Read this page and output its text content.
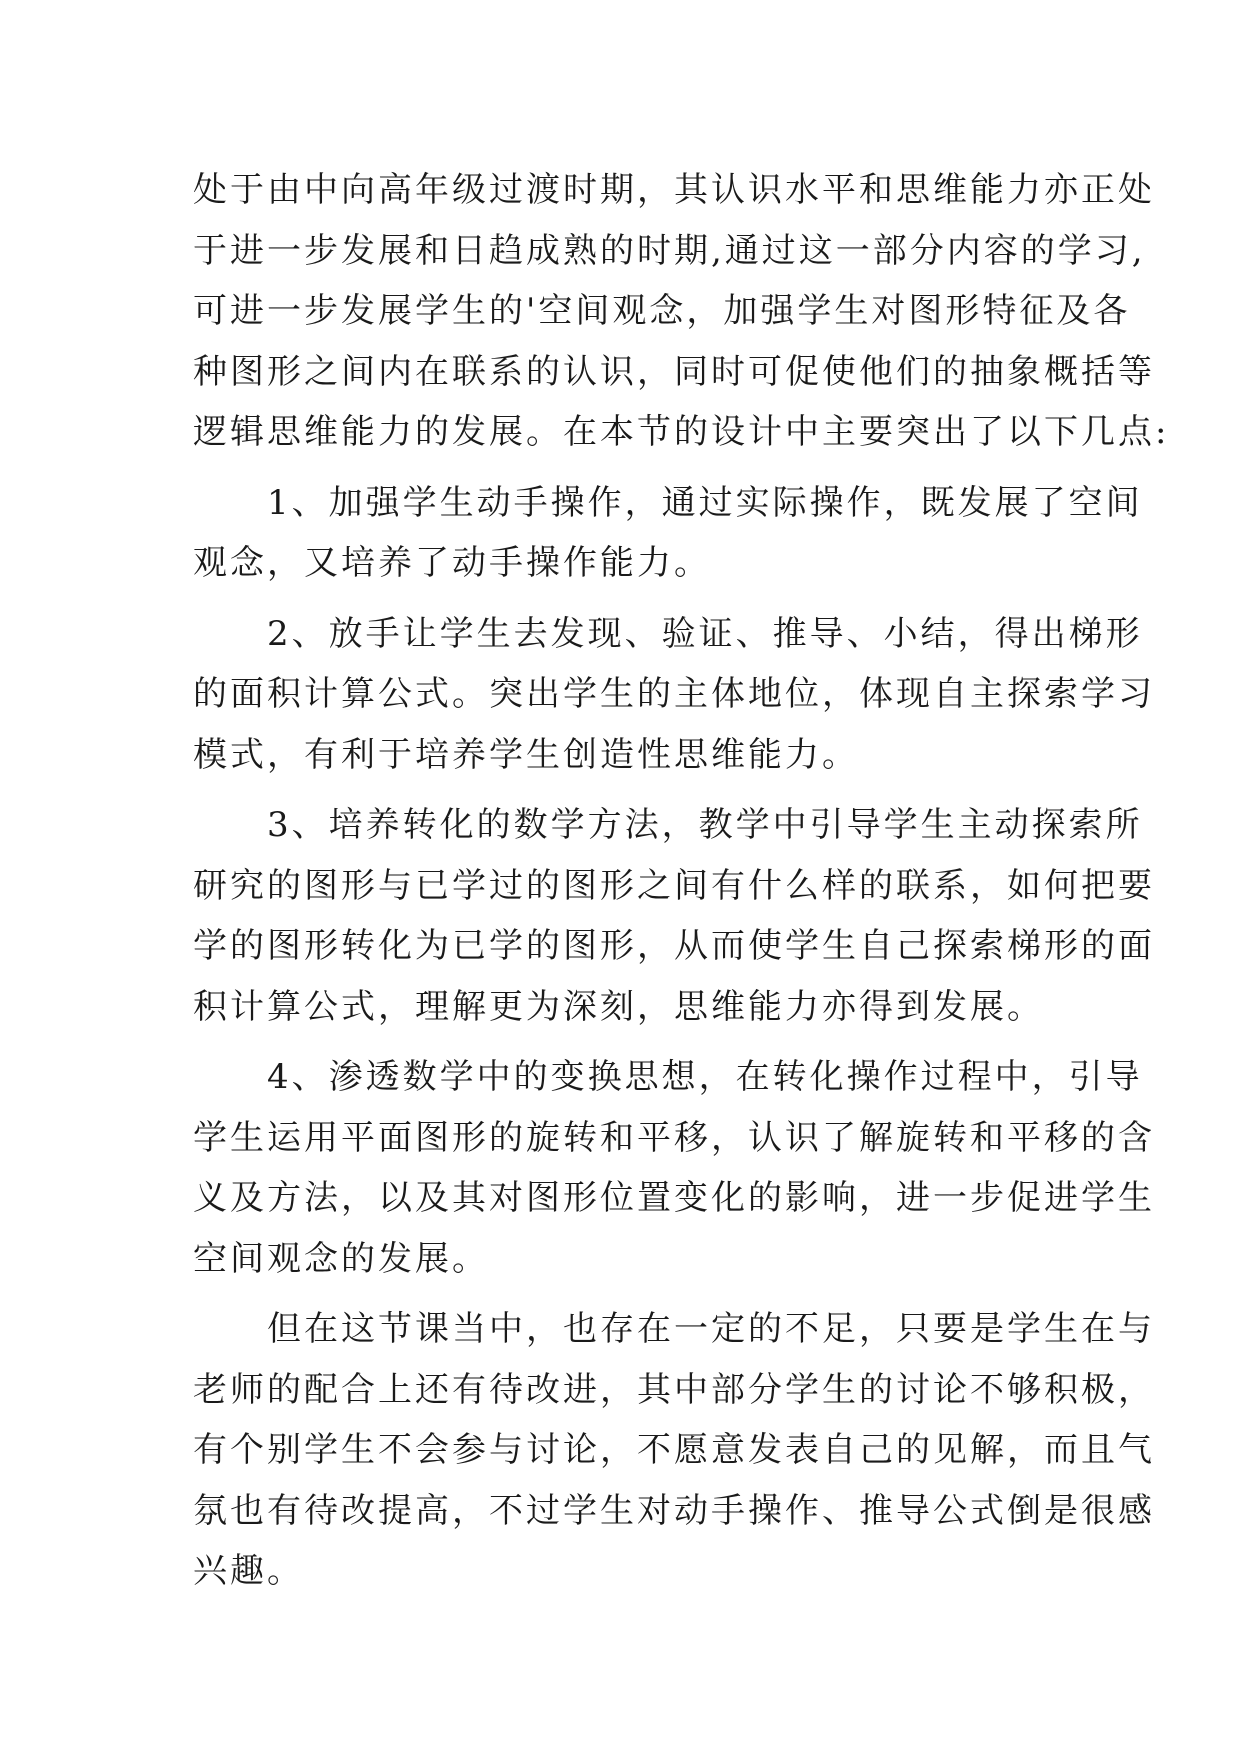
处于由中向高年级过渡时期，其认识水平和思维能力亦正处
于进一步发展和日趋成熟的时期,通过这一部分内容的学习,
可进一步发展学生的'空间观念，加强学生对图形特征及各
种图形之间内在联系的认识，同时可促使他们的抽象概括等
逻辑思维能力的发展。在本节的设计中主要突出了以下几点:
　　1、加强学生动手操作，通过实际操作，既发展了空间
观念，又培养了动手操作能力。
　　2、放手让学生去发现、验证、推导、小结，得出梯形
的面积计算公式。突出学生的主体地位，体现自主探索学习
模式，有利于培养学生创造性思维能力。
　　3、培养转化的数学方法，教学中引导学生主动探索所
研究的图形与已学过的图形之间有什么样的联系，如何把要
学的图形转化为已学的图形，从而使学生自己探索梯形的面
积计算公式，理解更为深刻，思维能力亦得到发展。
　　4、渗透数学中的变换思想，在转化操作过程中，引导
学生运用平面图形的旋转和平移，认识了解旋转和平移的含
义及方法，以及其对图形位置变化的影响，进一步促进学生
空间观念的发展。
　　但在这节课当中，也存在一定的不足，只要是学生在与
老师的配合上还有待改进，其中部分学生的讨论不够积极，
有个别学生不会参与讨论，不愿意发表自己的见解，而且气
氛也有待改提高，不过学生对动手操作、推导公式倒是很感
兴趣。
